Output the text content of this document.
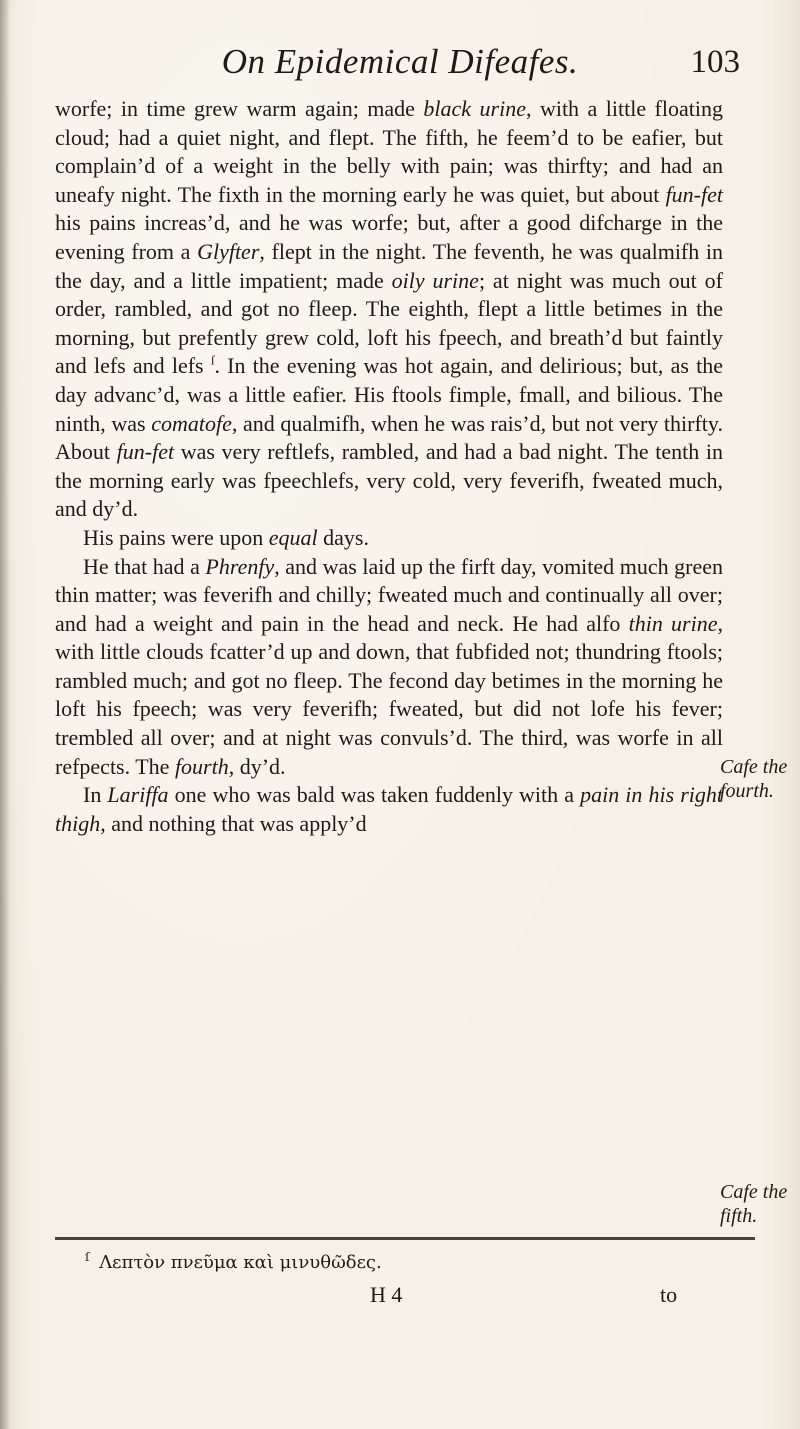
On Epidemical Difeafes.	103

worfe; in time grew warm again; made black urine, with a little floating cloud; had a quiet night, and flept. The fifth, he feem’d to be eafier, but complain’d of a weight in the belly with pain; was thirfty; and had an uneafy night. The fixth in the morning early he was quiet, but about fun-fet his pains increas’d, and he was worfe; but, after a good difcharge in the evening from a Glyfter, flept in the night. The feventh, he was qualmifh in the day, and a little impatient; made oily urine; at night was much out of order, rambled, and got no fleep. The eighth, flept a little betimes in the morning, but prefently grew cold, loft his fpeech, and breath’d but faintly and lefs and lefs $^ſ$. In the evening was hot again, and delirious; but, as the day advanc’d, was a little eafier. His ftools fimple, fmall, and bilious. The ninth, was comatofe, and qualmifh, when he was rais’d, but not very thirfty. About fun-fet was very reftlefs, rambled, and had a bad night. The tenth in the morning early was fpeechlefs, very cold, very feverifh, fweated much, and dy’d.

His pains were upon equal days.

He that had a Phrenfy, and was laid up the firft day, vomited much green thin matter; was feverifh and chilly; fweated much and continually all over; and had a weight and pain in the head and neck. He had alfo thin urine, with little clouds fcatter’d up and down, that fubfided not; thundring ftools; rambled much; and got no fleep. The fecond day betimes in the morning he loft his fpeech; was very feverifh; fweated, but did not lofe his fever; trembled all over; and at night was convuls’d. The third, was worfe in all refpects. The fourth, dy’d.

In Lariffa one who was bald was taken fuddenly with a pain in his right thigh, and nothing that was apply’d

Cafe the
fourth.
Cafe the
fifth.
$^ſ$ Λεπτὸν πνεῦμα καὶ μινυθῶδες.
H 4	to
